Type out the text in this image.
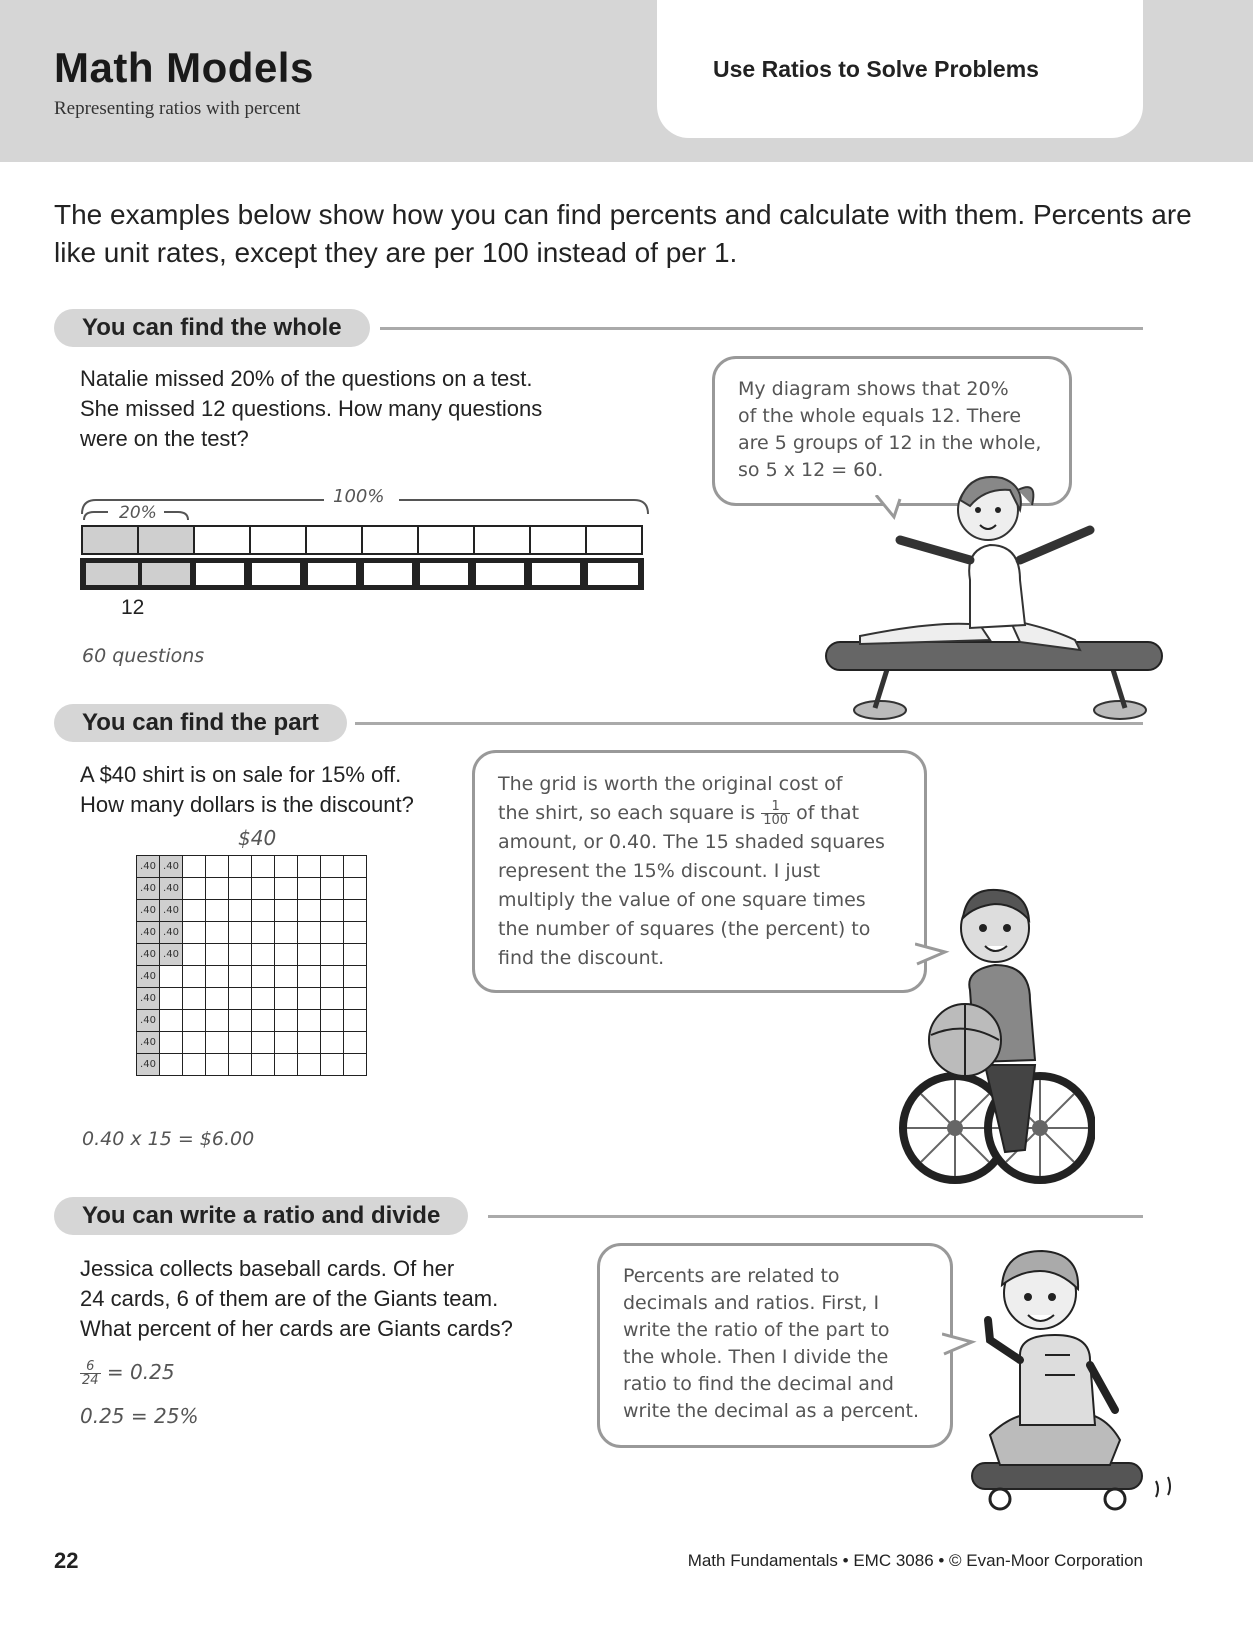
Math Models
Representing ratios with percent
Use Ratios to Solve Problems
The examples below show how you can find percents and calculate with them. Percents are like unit rates, except they are per 100 instead of per 1.
You can find the whole
Natalie missed 20% of the questions on a test.
She missed 12 questions. How many questions
were on the test?
100%
20%
12
60 questions
My diagram shows that 20%
of the whole equals 12. There
are 5 groups of 12 in the whole,
so 5 x 12 = 60.
You can find the part
A $40 shirt is on sale for 15% off.
How many dollars is the discount?
$40
.40	.40								
.40	.40								
.40	.40								
.40	.40								
.40	.40								
.40									
.40									
.40									
.40									
.40									
0.40 x 15 = $6.00
The grid is worth the original cost of
the shirt, so each square is $\frac{1}{100}$ of that
amount, or 0.40. The 15 shaded squares
represent the 15% discount. I just
multiply the value of one square times
the number of squares (the percent) to
find the discount.
You can write a ratio and divide
Jessica collects baseball cards. Of her
24 cards, 6 of them are of the Giants team.
What percent of her cards are Giants cards?
$\frac{6}{24} = 0.25$
0.25 = 25%
Percents are related to
decimals and ratios. First, I
write the ratio of the part to
the whole. Then I divide the
ratio to find the decimal and
write the decimal as a percent.
22	Math Fundamentals • EMC 3086 • © Evan-Moor Corporation
